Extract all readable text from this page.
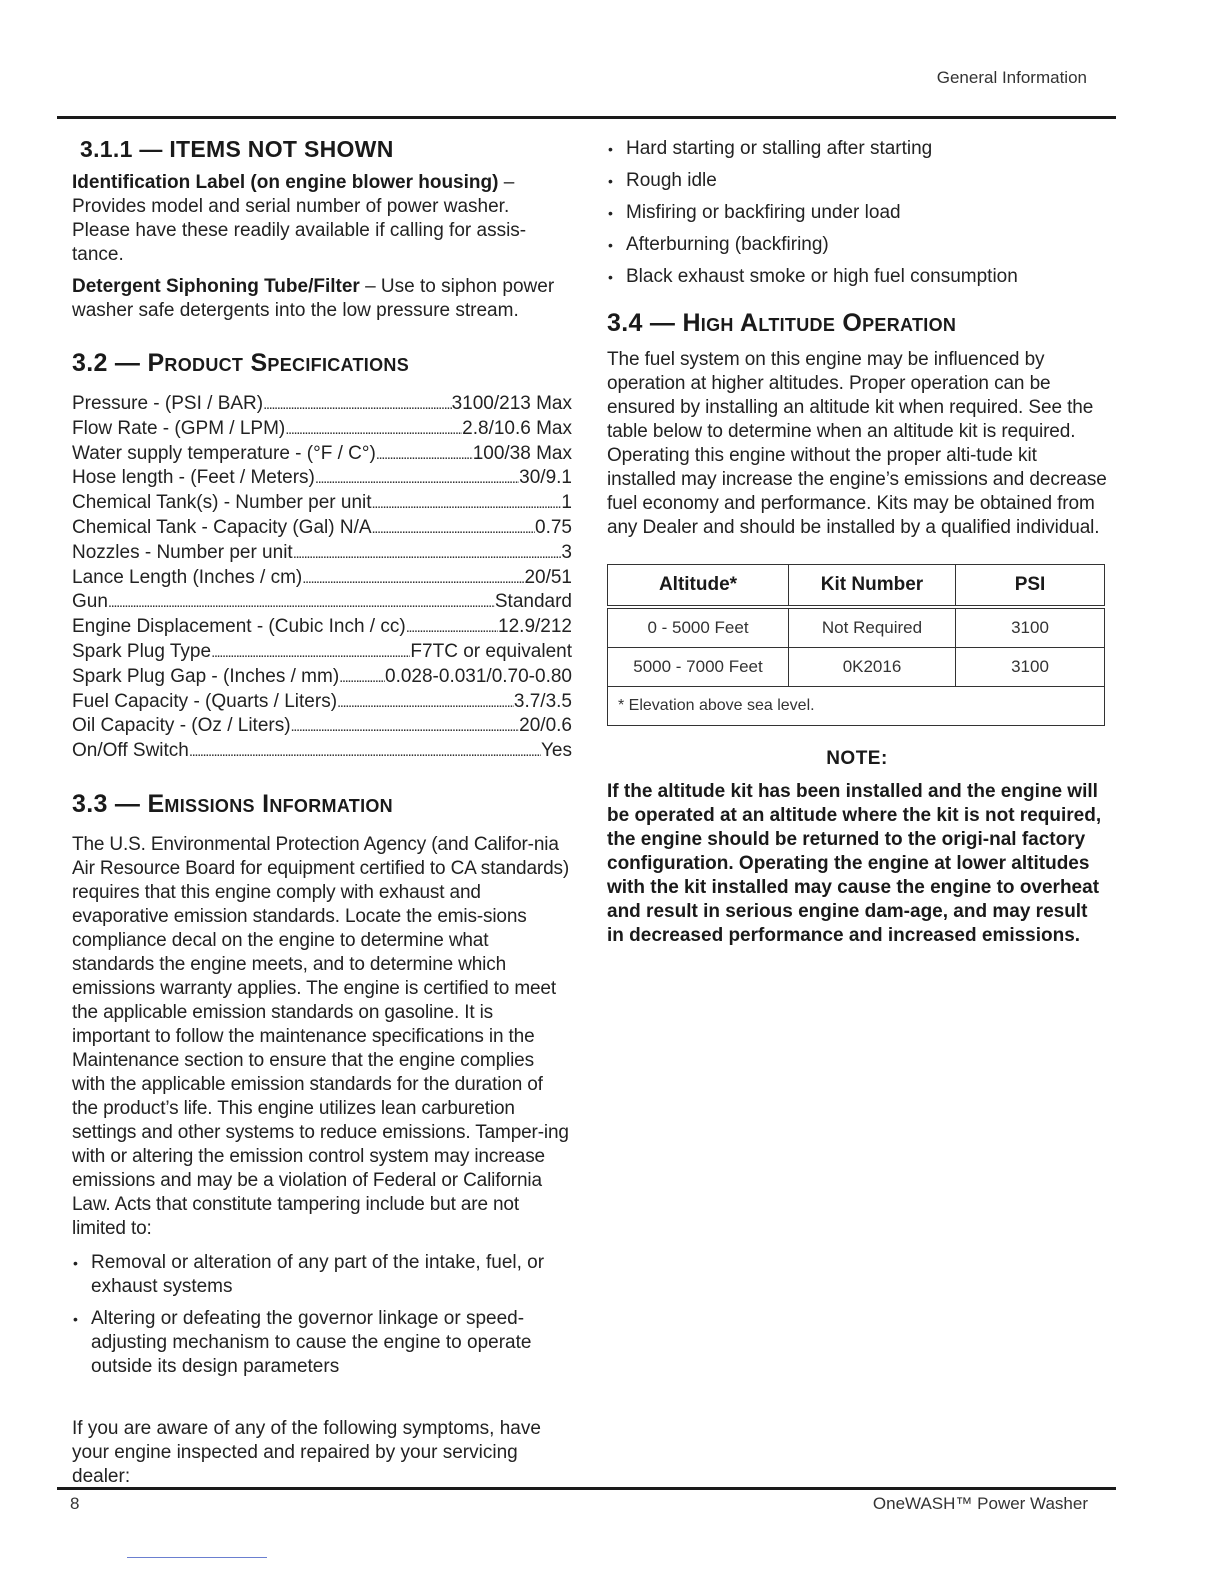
General Information
3.1.1 — ITEMS NOT SHOWN

Identification Label (on engine blower housing) – Provides model and serial number of power washer. Please have these readily available if calling for assis-tance.

Detergent Siphoning Tube/Filter – Use to siphon power washer safe detergents into the low pressure stream.

3.2 — Product Specifications
Pressure - (PSI / BAR) . . .	3100/213 Max
Flow Rate - (GPM / LPM) . . .	2.8/10.6 Max
Water supply temperature - (°F / C°) . . .	100/38 Max
Hose length - (Feet / Meters) . . .	30/9.1
Chemical Tank(s) - Number per unit . . .	1
Chemical Tank - Capacity (Gal) N/A . . .	0.75
Nozzles - Number per unit . . .	3
Lance Length (Inches / cm) . . .	20/51
Gun . . .	Standard
Engine Displacement - (Cubic Inch / cc) . . .	12.9/212
Spark Plug Type . . .	F7TC or equivalent
Spark Plug Gap - (Inches / mm) . . . 0.028-0.031/0.70-0.80
Fuel Capacity - (Quarts / Liters) . . .	3.7/3.5
Oil Capacity - (Oz / Liters) . . .	20/0.6
On/Off Switch . . .	Yes
3.3 — Emissions Information

The U.S. Environmental Protection Agency (and Califor-nia Air Resource Board for equipment certified to CA standards) requires that this engine comply with exhaust and evaporative emission standards. Locate the emis-sions compliance decal on the engine to determine what standards the engine meets, and to determine which emissions warranty applies. The engine is certified to meet the applicable emission standards on gasoline. It is important to follow the maintenance specifications in the Maintenance section to ensure that the engine complies with the applicable emission standards for the duration of the product’s life. This engine utilizes lean carburetion settings and other systems to reduce emissions. Tamper-ing with or altering the emission control system may increase emissions and may be a violation of Federal or California Law. Acts that constitute tampering include but are not limited to:

• Removal or alteration of any part of the intake, fuel, or exhaust systems
• Altering or defeating the governor linkage or speed-adjusting mechanism to cause the engine to operate outside its design parameters

If you are aware of any of the following symptoms, have your engine inspected and repaired by your servicing dealer:

• Hard starting or stalling after starting
• Rough idle
• Misfiring or backfiring under load
• Afterburning (backfiring)
• Black exhaust smoke or high fuel consumption
3.4 — High Altitude Operation

The fuel system on this engine may be influenced by operation at higher altitudes. Proper operation can be ensured by installing an altitude kit when required. See the table below to determine when an altitude kit is required. Operating this engine without the proper alti-tude kit installed may increase the engine’s emissions and decrease fuel economy and performance. Kits may be obtained from any Dealer and should be installed by a qualified individual.

Altitude*	Kit Number	PSI
0 - 5000 Feet	Not Required	3100
5000 - 7000 Feet	0K2016	3100
* Elevation above sea level.		
NOTE:
If the altitude kit has been installed and the engine will be operated at an altitude where the kit is not required, the engine should be returned to the origi-nal factory configuration. Operating the engine at lower altitudes with the kit installed may cause the engine to overheat and result in serious engine dam-age, and may result in decreased performance and increased emissions.
8	OneWASH™ Power Washer
